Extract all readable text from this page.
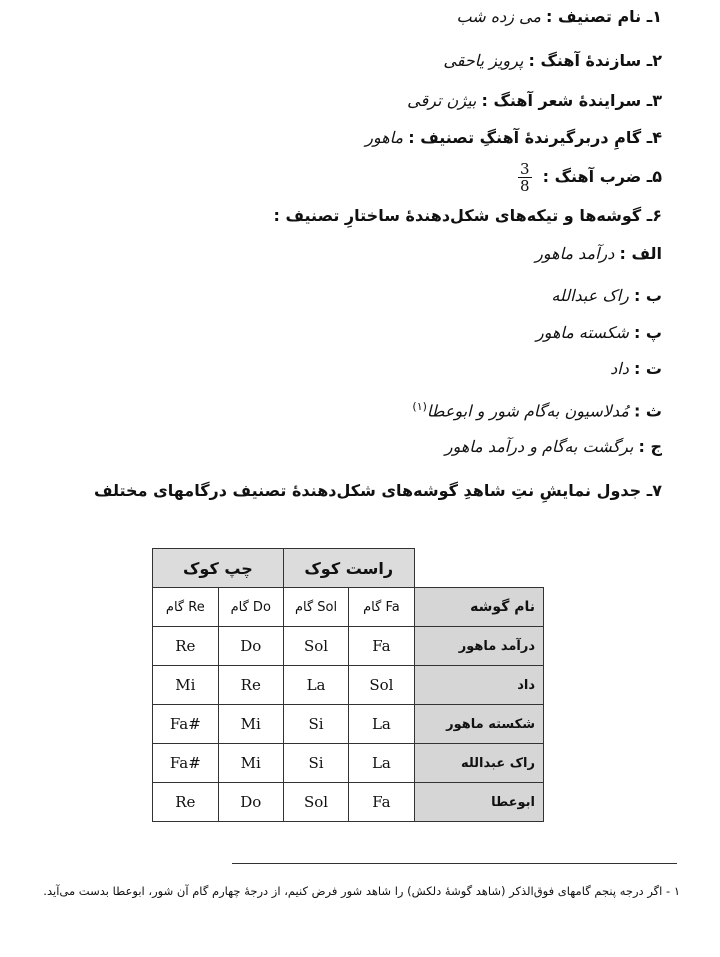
۱ـ نام تصنیف : می زده شب
۲ـ سازندهٔ آهنگ : پرویز یاحقی
۳ـ سرایندهٔ شعر آهنگ : بیژن ترقی
۴ـ گامِ دربرگیرندهٔ آهنگِ تصنیف : ماهور
۵ـ ضرب آهنگ :
$\frac{3}{8}$
۶ـ گوشه‌ها و تیکه‌های شکل‌دهندهٔ ساختارِ تصنیف :
الف : درآمد ماهور
ب : راک عبدالله
پ : شکسته ماهور
ت : داد
ث : مُدلاسیون به‌گام شور و ابوعطا$^{(۱)}$
ج : برگشت به‌گام و درآمد ماهور
۷ـ جدول نمایشِ نتِ شاهدِ گوشه‌های شکل‌دهندهٔ تصنیف درگامهای مختلف
چپ کوک		راست کوک		
گام Re	گام Do	گام Sol	گام Fa	نام گوشه
Re	Do	Sol	Fa	درآمد ماهور
Mi	Re	La	Sol	داد
Fa#	Mi	Si	La	شکسته ماهور
Fa#	Mi	Si	La	راک عبدالله
Re	Do	Sol	Fa	ابوعطا
۱ - اگر درجه پنجم گامهای فوق‌الذکر (شاهد گوشهٔ دلکش) را شاهد شور فرض کنیم، از درجهٔ چهارم گام آن شور، ابوعطا بدست می‌آید.
